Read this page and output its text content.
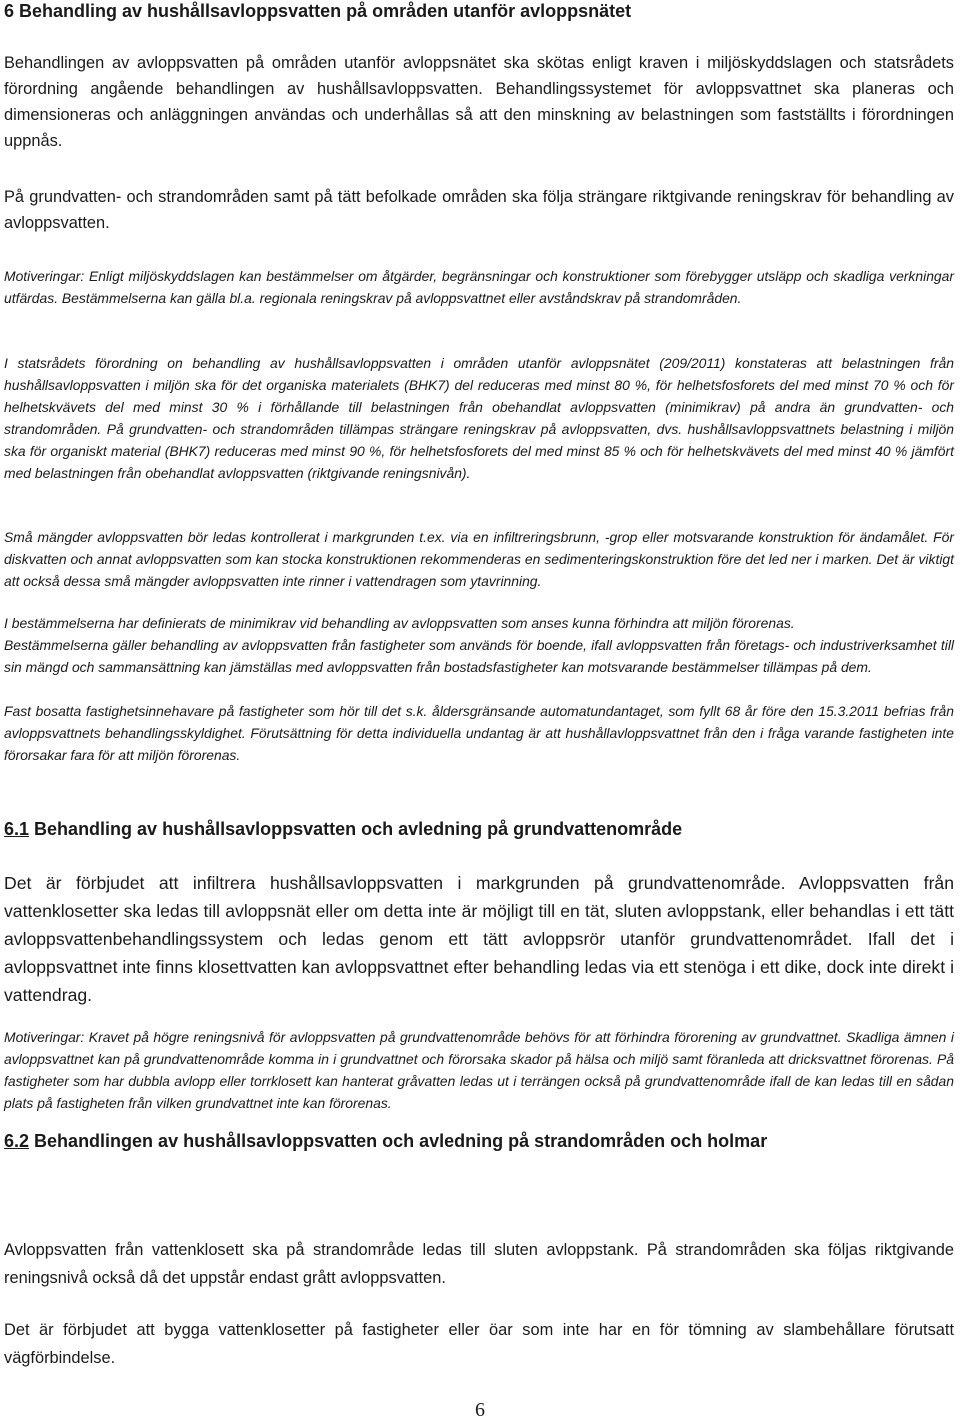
6 Behandling av hushållsavloppsvatten på områden utanför avloppsnätet

Behandlingen av avloppsvatten på områden utanför avloppsnätet ska skötas enligt kraven i miljöskyddslagen och statsrådets förordning angående behandlingen av hushållsavloppsvatten. Behandlingssystemet för avloppsvattnet ska planeras och dimensioneras och anläggningen användas och underhållas så att den minskning av belastningen som fastställts i förordningen uppnås.

På grundvatten- och strandområden samt på tätt befolkade områden ska följa strängare riktgivande reningskrav för behandling av avloppsvatten.

Motiveringar: Enligt miljöskyddslagen kan bestämmelser om åtgärder, begränsningar och konstruktioner som förebygger utsläpp och skadliga verkningar utfärdas. Bestämmelserna kan gälla bl.a. regionala reningskrav på avloppsvattnet eller avståndskrav på strandområden.

I statsrådets förordning on behandling av hushållsavloppsvatten i områden utanför avloppsnätet (209/2011) konstateras att belastningen från hushållsavloppsvatten i miljön ska för det organiska materialets (BHK7) del reduceras med minst 80 %, för helhetsfosforets del med minst 70 % och för helhetskvävets del med minst 30 % i förhållande till belastningen från obehandlat avloppsvatten (minimikrav) på andra än grundvatten- och strandområden. På grundvatten- och strandområden tillämpas strängare reningskrav på avloppsvatten, dvs. hushållsavloppsvattnets belastning i miljön ska för organiskt material (BHK7) reduceras med minst 90 %, för helhetsfosforets del med minst 85 % och för helhetskvävets del med minst 40 % jämfört med belastningen från obehandlat avloppsvatten (riktgivande reningsnivån).

Små mängder avloppsvatten bör ledas kontrollerat i markgrunden t.ex. via en infiltreringsbrunn, -grop eller motsvarande konstruktion för ändamålet. För diskvatten och annat avloppsvatten som kan stocka konstruktionen rekommenderas en sedimenteringskonstruktion före det led ner i marken. Det är viktigt att också dessa små mängder avloppsvatten inte rinner i vattendragen som ytavrinning.

I bestämmelserna har definierats de minimikrav vid behandling av avloppsvatten som anses kunna förhindra att miljön förorenas.

Bestämmelserna gäller behandling av avloppsvatten från fastigheter som används för boende, ifall avloppsvatten från företags- och industriverksamhet till sin mängd och sammansättning kan jämställas med avloppsvatten från bostadsfastigheter kan motsvarande bestämmelser tillämpas på dem.

Fast bosatta fastighetsinnehavare på fastigheter som hör till det s.k. åldersgränsande automatundantaget, som fyllt 68 år före den 15.3.2011 befrias från avloppsvattnets behandlingsskyldighet. Förutsättning för detta individuella undantag är att hushållavloppsvattnet från den i fråga varande fastigheten inte förorsakar fara för att miljön förorenas.

6.1 Behandling av hushållsavloppsvatten och avledning på grundvattenområde

Det är förbjudet att infiltrera hushållsavloppsvatten i markgrunden på grundvattenområde. Avloppsvatten från vattenklosetter ska ledas till avloppsnät eller om detta inte är möjligt till en tät, sluten avloppstank, eller behandlas i ett tätt avloppsvattenbehandlingssystem och ledas genom ett tätt avloppsrör utanför grundvattenområdet. Ifall det i avloppsvattnet inte finns klosettvatten kan avloppsvattnet efter behandling ledas via ett stenöga i ett dike, dock inte direkt i vattendrag.

Motiveringar: Kravet på högre reningsnivå för avloppsvatten på grundvattenområde behövs för att förhindra förorening av grundvattnet. Skadliga ämnen i avloppsvattnet kan på grundvattenområde komma in i grundvattnet och förorsaka skador på hälsa och miljö samt föranleda att dricksvattnet förorenas. På fastigheter som har dubbla avlopp eller torrklosett kan hanterat gråvatten ledas ut i terrängen också på grundvattenområde ifall de kan ledas till en sådan plats på fastigheten från vilken grundvattnet inte kan förorenas.

6.2 Behandlingen av hushållsavloppsvatten och avledning på strandområden och holmar

Avloppsvatten från vattenklosett ska på strandområde ledas till sluten avloppstank. På strandområden ska följas riktgivande reningsnivå också då det uppstår endast grått avloppsvatten.

Det är förbjudet att bygga vattenklosetter på fastigheter eller öar som inte har en för tömning av slambehållare förutsatt vägförbindelse.

6
